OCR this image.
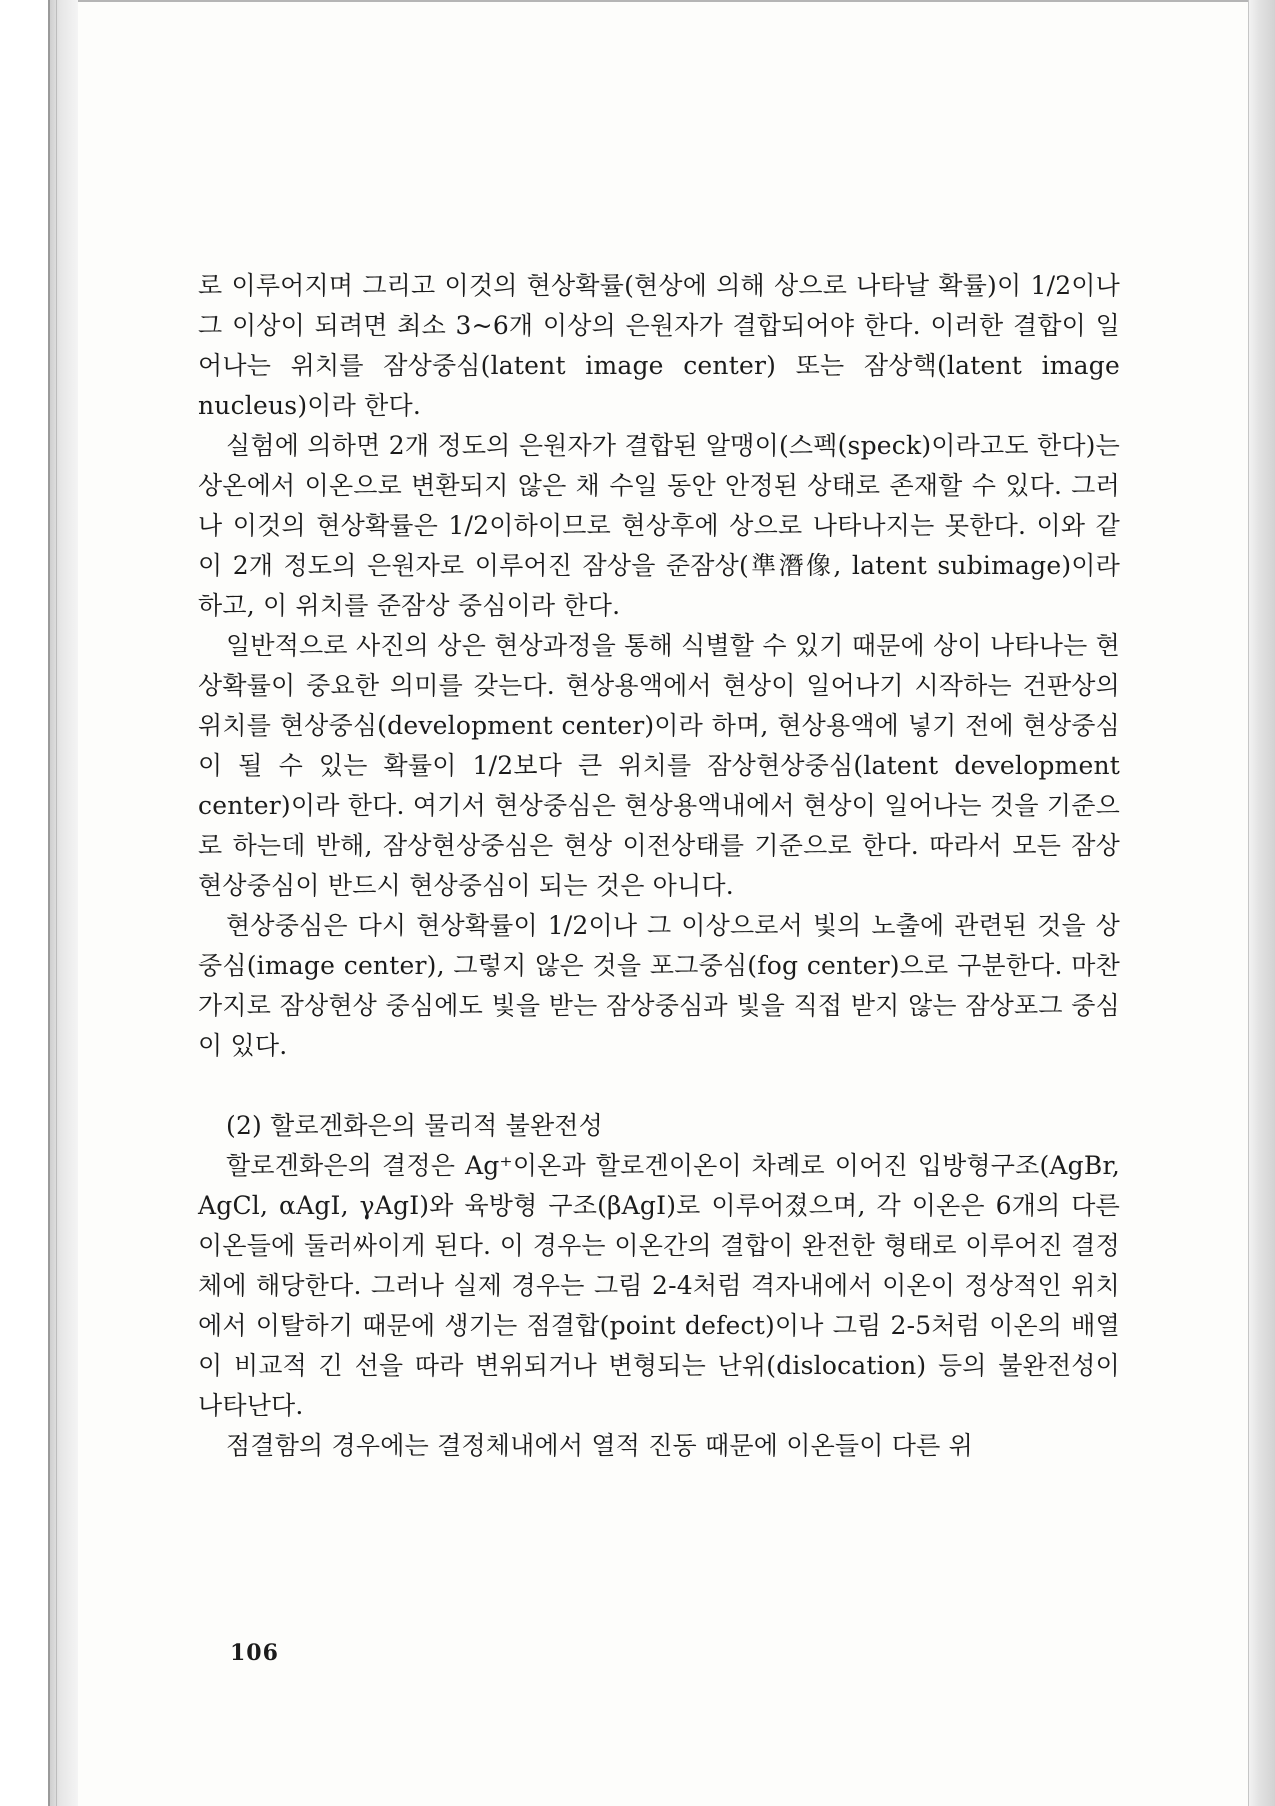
로 이루어지며 그리고 이것의 현상확률(현상에 의해 상으로 나타날 확률)이 1/2이나 그 이상이 되려면 최소 3~6개 이상의 은원자가 결합되어야 한다. 이러한 결합이 일어나는 위치를 잠상중심(latent image center) 또는 잠상핵(latent image nucleus)이라 한다.

실험에 의하면 2개 정도의 은원자가 결합된 알맹이(스펙(speck)이라고도 한다)는 상온에서 이온으로 변환되지 않은 채 수일 동안 안정된 상태로 존재할 수 있다. 그러나 이것의 현상확률은 1/2이하이므로 현상후에 상으로 나타나지는 못한다. 이와 같이 2개 정도의 은원자로 이루어진 잠상을 준잠상(準潛像, latent subimage)이라 하고, 이 위치를 준잠상 중심이라 한다.

일반적으로 사진의 상은 현상과정을 통해 식별할 수 있기 때문에 상이 나타나는 현상확률이 중요한 의미를 갖는다. 현상용액에서 현상이 일어나기 시작하는 건판상의 위치를 현상중심(development center)이라 하며, 현상용액에 넣기 전에 현상중심이 될 수 있는 확률이 1/2보다 큰 위치를 잠상현상중심(latent development center)이라 한다. 여기서 현상중심은 현상용액내에서 현상이 일어나는 것을 기준으로 하는데 반해, 잠상현상중심은 현상 이전상태를 기준으로 한다. 따라서 모든 잠상현상중심이 반드시 현상중심이 되는 것은 아니다.

현상중심은 다시 현상확률이 1/2이나 그 이상으로서 빛의 노출에 관련된 것을 상중심(image center), 그렇지 않은 것을 포그중심(fog center)으로 구분한다. 마찬가지로 잠상현상 중심에도 빛을 받는 잠상중심과 빛을 직접 받지 않는 잠상포그 중심이 있다.

(2) 할로겐화은의 물리적 불완전성

할로겐화은의 결정은 Ag⁺이온과 할로겐이온이 차례로 이어진 입방형구조(AgBr, AgCl, αAgI, γAgI)와 육방형 구조(βAgI)로 이루어졌으며, 각 이온은 6개의 다른 이온들에 둘러싸이게 된다. 이 경우는 이온간의 결합이 완전한 형태로 이루어진 결정체에 해당한다. 그러나 실제 경우는 그림 2-4처럼 격자내에서 이온이 정상적인 위치에서 이탈하기 때문에 생기는 점결합(point defect)이나 그림 2-5처럼 이온의 배열이 비교적 긴 선을 따라 변위되거나 변형되는 난위(dislocation) 등의 불완전성이 나타난다.

점결함의 경우에는 결정체내에서 열적 진동 때문에 이온들이 다른 위

106
